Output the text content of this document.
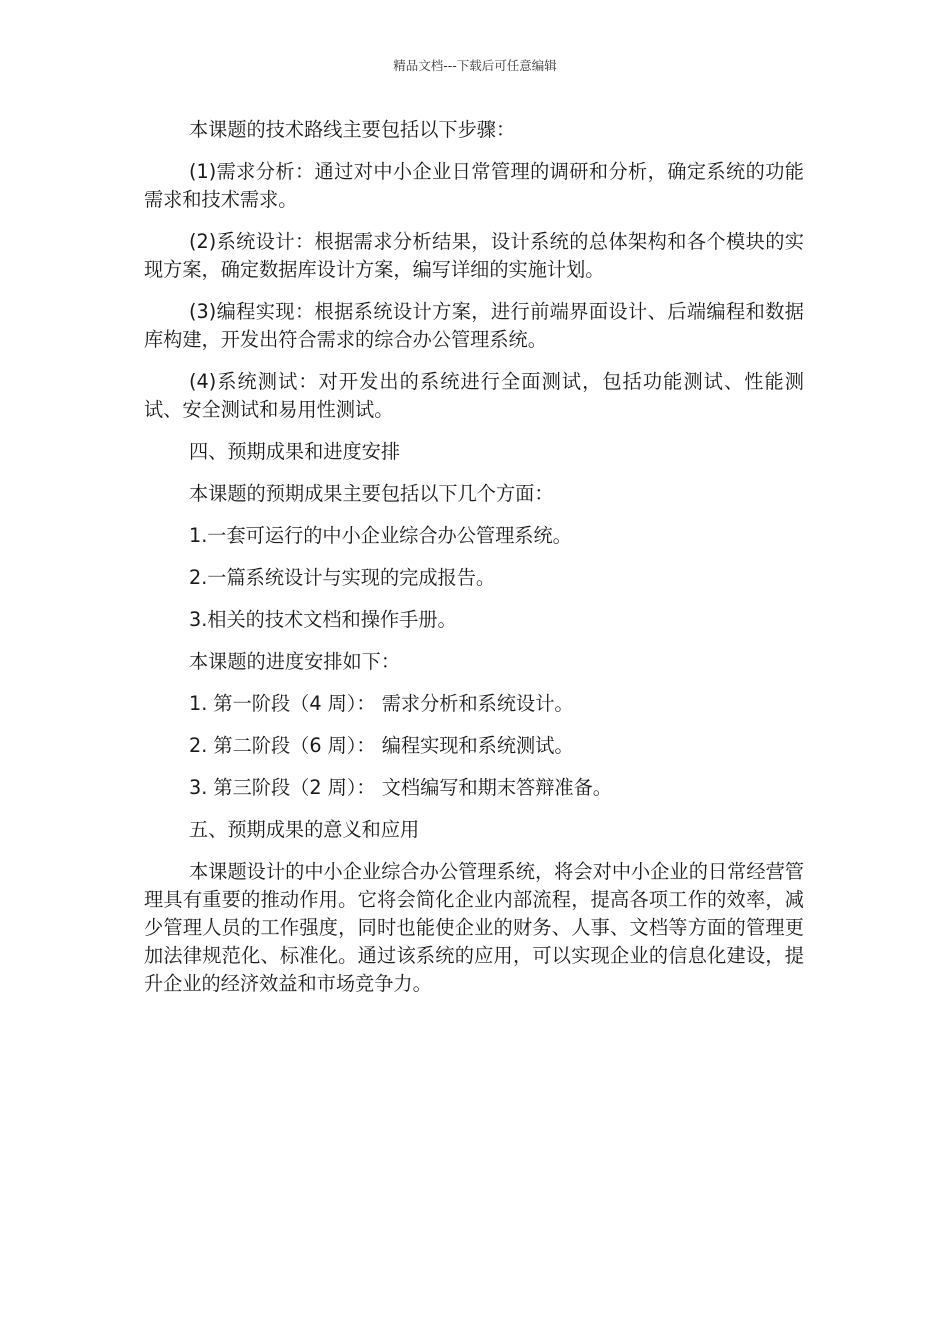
精品文档---下载后可任意编辑

本课题的技术路线主要包括以下步骤：

(1)需求分析：通过对中小企业日常管理的调研和分析，确定系统的功能需求和技术需求。

(2)系统设计：根据需求分析结果，设计系统的总体架构和各个模块的实现方案，确定数据库设计方案，编写详细的实施计划。

(3)编程实现：根据系统设计方案，进行前端界面设计、后端编程和数据库构建，开发出符合需求的综合办公管理系统。

(4)系统测试：对开发出的系统进行全面测试，包括功能测试、性能测试、安全测试和易用性测试。

四、预期成果和进度安排

本课题的预期成果主要包括以下几个方面：

1.一套可运行的中小企业综合办公管理系统。

2.一篇系统设计与实现的完成报告。

3.相关的技术文档和操作手册。

本课题的进度安排如下：

1. 第一阶段（4 周）： 需求分析和系统设计。

2. 第二阶段（6 周）： 编程实现和系统测试。

3. 第三阶段（2 周）： 文档编写和期末答辩准备。

五、预期成果的意义和应用

本课题设计的中小企业综合办公管理系统，将会对中小企业的日常经营管理具有重要的推动作用。它将会简化企业内部流程，提高各项工作的效率，减少管理人员的工作强度，同时也能使企业的财务、人事、文档等方面的管理更加法律规范化、标准化。通过该系统的应用，可以实现企业的信息化建设，提升企业的经济效益和市场竞争力。
